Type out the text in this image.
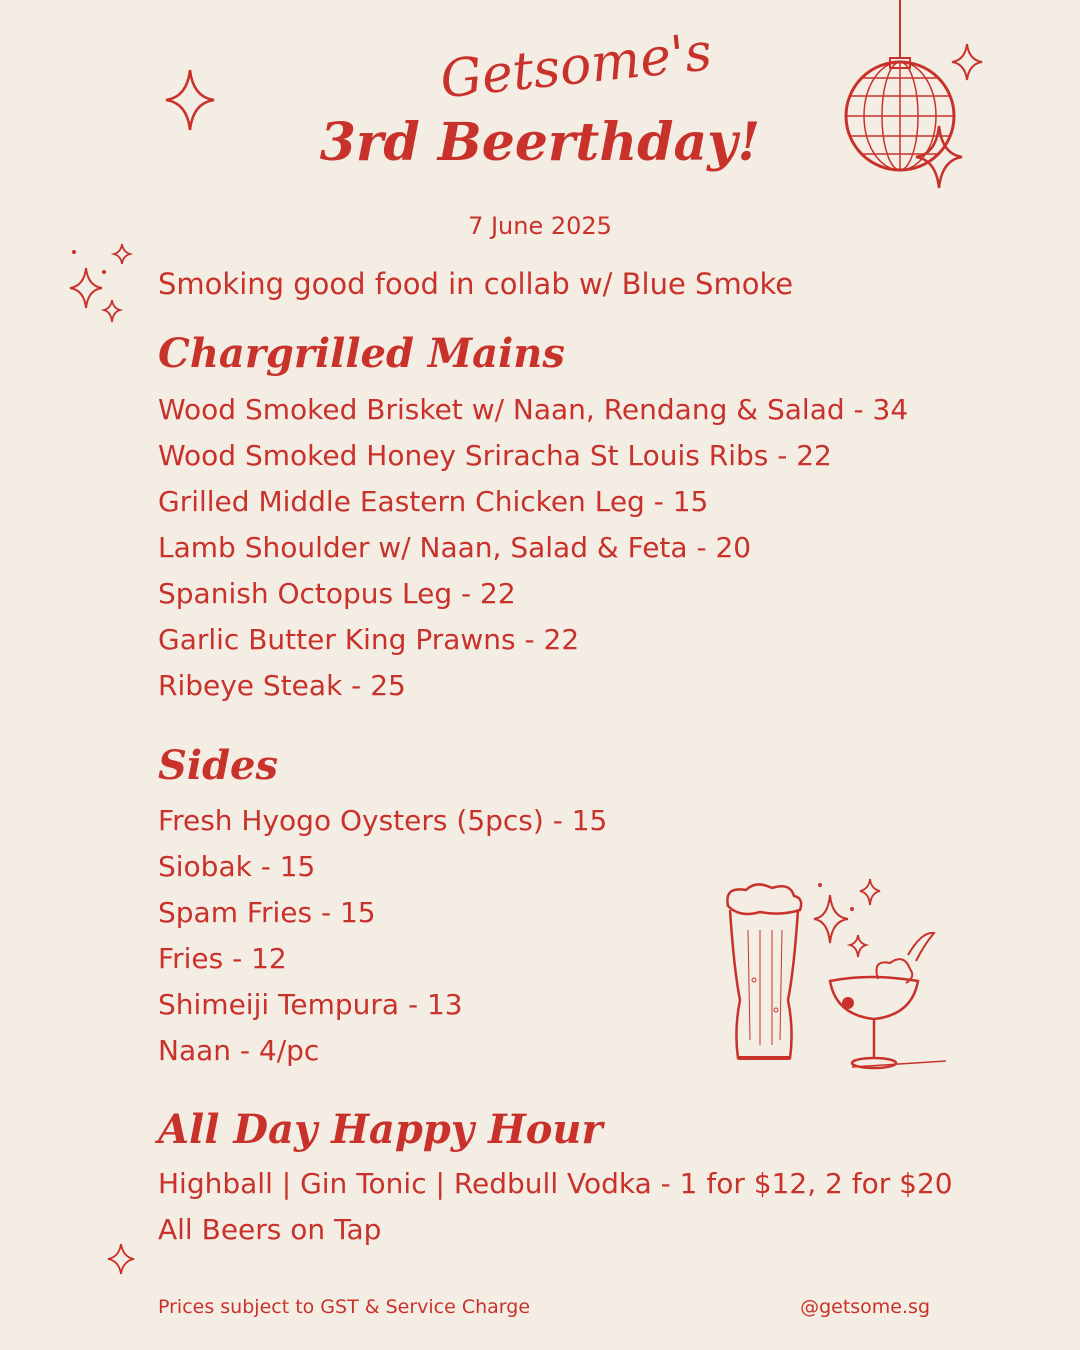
Getsome's
3rd Beerthday!
7 June 2025
Smoking good food in collab w/ Blue Smoke
Chargrilled Mains
Wood Smoked Brisket w/ Naan, Rendang & Salad - 34
Wood Smoked Honey Sriracha St Louis Ribs - 22
Grilled Middle Eastern Chicken Leg - 15
Lamb Shoulder w/ Naan, Salad & Feta - 20
Spanish Octopus Leg - 22
Garlic Butter King Prawns - 22
Ribeye Steak - 25
Sides
Fresh Hyogo Oysters (5pcs) - 15
Siobak - 15
Spam Fries - 15
Fries - 12
Shimeiji Tempura - 13
Naan - 4/pc
All Day Happy Hour
Highball | Gin Tonic | Redbull Vodka - 1 for $12, 2 for $20
All Beers on Tap
Prices subject to GST & Service Charge	@getsome.sg
